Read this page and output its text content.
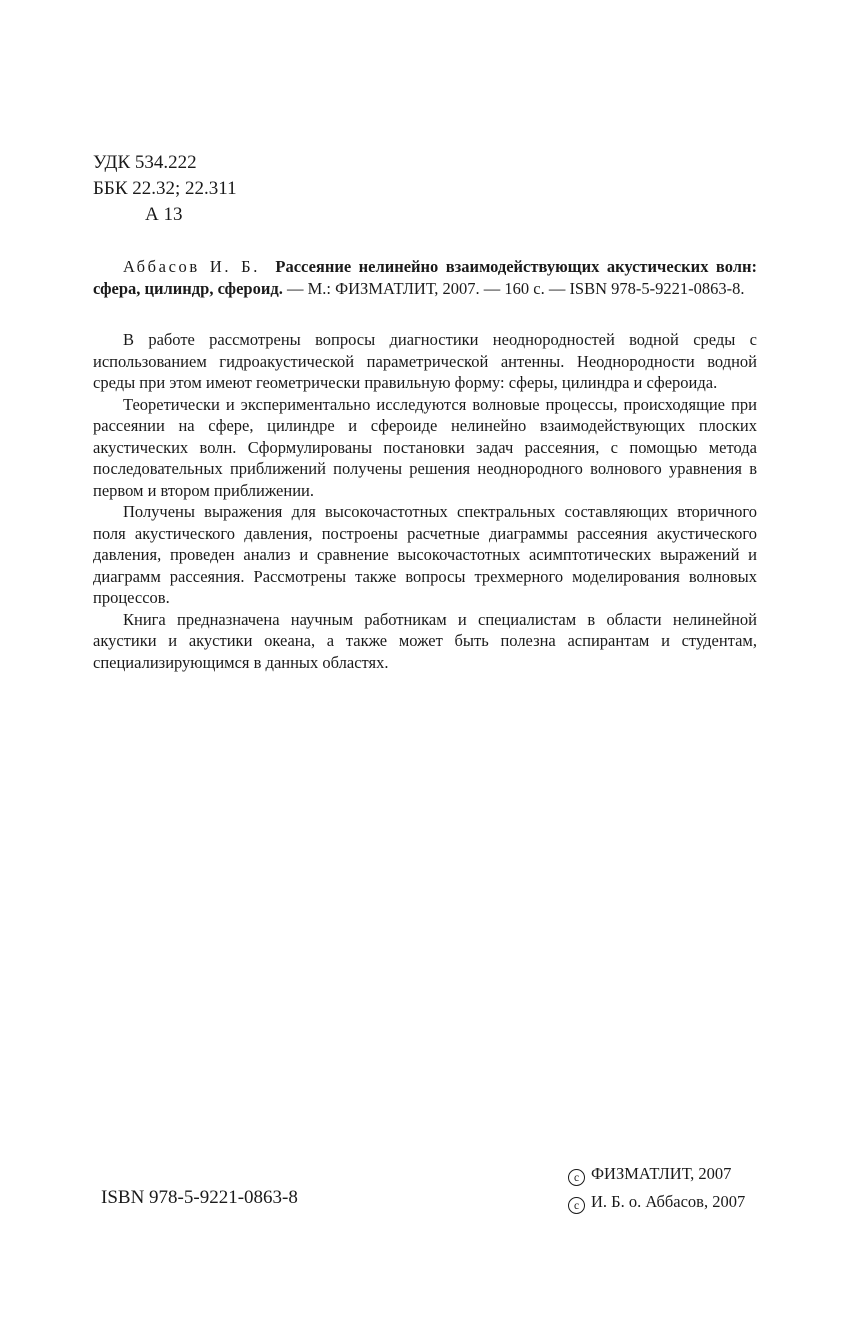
УДК 534.222
ББК 22.32; 22.311
А 13
Аббасов И. Б. Рассеяние нелинейно взаимодействующих акустических волн: сфера, цилиндр, сфероид. — М.: ФИЗМАТЛИТ, 2007. — 160 с. — ISBN 978-5-9221-0863-8.

В работе рассмотрены вопросы диагностики неоднородностей водной среды с использованием гидроакустической параметрической антенны. Неоднородности водной среды при этом имеют геометрически правильную форму: сферы, цилиндра и сфероида.

Теоретически и экспериментально исследуются волновые процессы, происходящие при рассеянии на сфере, цилиндре и сфероиде нелинейно взаимодействующих плоских акустических волн. Сформулированы постановки задач рассеяния, с помощью метода последовательных приближений получены решения неоднородного волнового уравнения в первом и втором приближении.

Получены выражения для высокочастотных спектральных составляющих вторичного поля акустического давления, построены расчетные диаграммы рассеяния акустического давления, проведен анализ и сравнение высокочастотных асимптотических выражений и диаграмм рассеяния. Рассмотрены также вопросы трехмерного моделирования волновых процессов.

Книга предназначена научным работникам и специалистам в области нелинейной акустики и акустики океана, а также может быть полезна аспирантам и студентам, специализирующимся в данных областях.

ISBN 978-5-9221-0863-8
c ФИЗМАТЛИТ, 2007
c И. Б. о. Аббасов, 2007
